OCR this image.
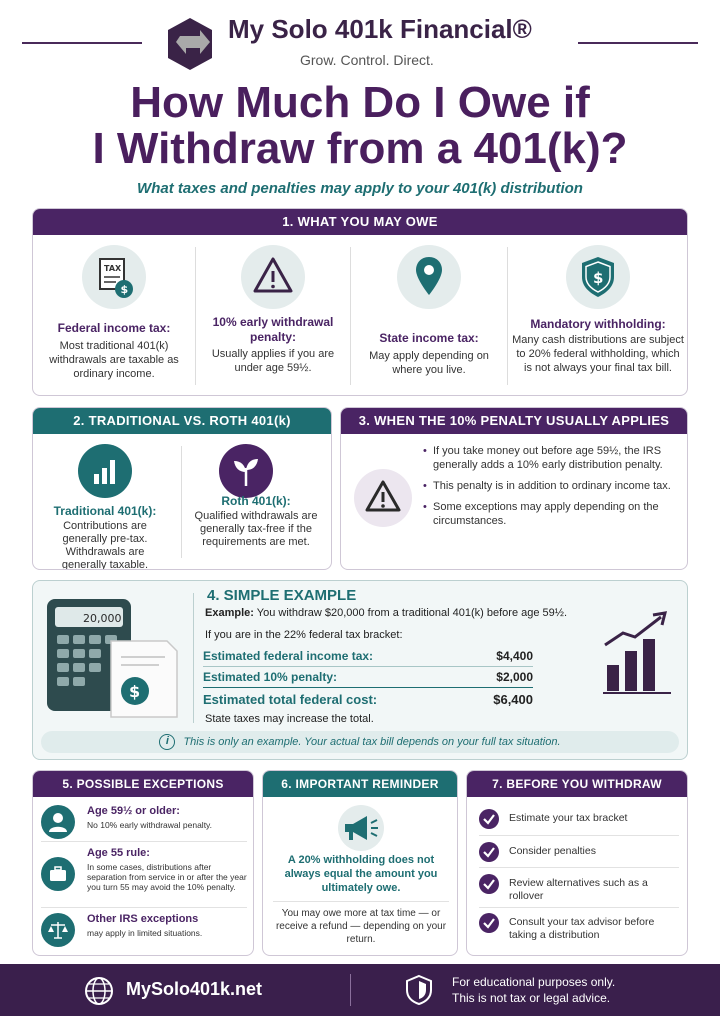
My Solo 401k Financial®
Grow. Control. Direct.
How Much Do I Owe if
I Withdraw from a 401(k)?
What taxes and penalties may apply to your 401(k) distribution
1. WHAT YOU MAY OWE
TAX
$
Federal income tax:
Most traditional 401(k) withdrawals are taxable as ordinary income.
10% early withdrawal penalty:
Usually applies if you are under age 59½.
State income tax:
May apply depending on where you live.
$
Mandatory withholding:
Many cash distributions are subject to 20% federal withholding, which is not always your final tax bill.
2. TRADITIONAL VS. ROTH 401(k)
Traditional 401(k):
Contributions are generally pre-tax. Withdrawals are generally taxable.
Roth 401(k):
Qualified withdrawals are generally tax-free if the requirements are met.
3. WHEN THE 10% PENALTY USUALLY APPLIES
• If you take money out before age 59½, the IRS generally adds a 10% early distribution penalty.
• This penalty is in addition to ordinary income tax.
• Some exceptions may apply depending on the circumstances.
20,000
$
4. SIMPLE EXAMPLE
Example: You withdraw $20,000 from a traditional 401(k) before age 59½.
If you are in the 22% federal tax bracket:
Estimated federal income tax:	$4,400
Estimated 10% penalty:	$2,000
Estimated total federal cost:	$6,400
State taxes may increase the total.
i This is only an example. Your actual tax bill depends on your full tax situation.
5. POSSIBLE EXCEPTIONS
Age 59½ or older:
No 10% early withdrawal penalty.
Age 55 rule:
In some cases, distributions after separation from service in or after the year you turn 55 may avoid the 10% penalty.
Other IRS exceptions
may apply in limited situations.
6. IMPORTANT REMINDER
A 20% withholding does not always equal the amount you ultimately owe.
You may owe more at tax time — or receive a refund — depending on your return.
7. BEFORE YOU WITHDRAW
Estimate your tax bracket
Consider penalties
Review alternatives such as a rollover
Consult your tax advisor before taking a distribution
MySolo401k.net	For educational purposes only.
This is not tax or legal advice.
